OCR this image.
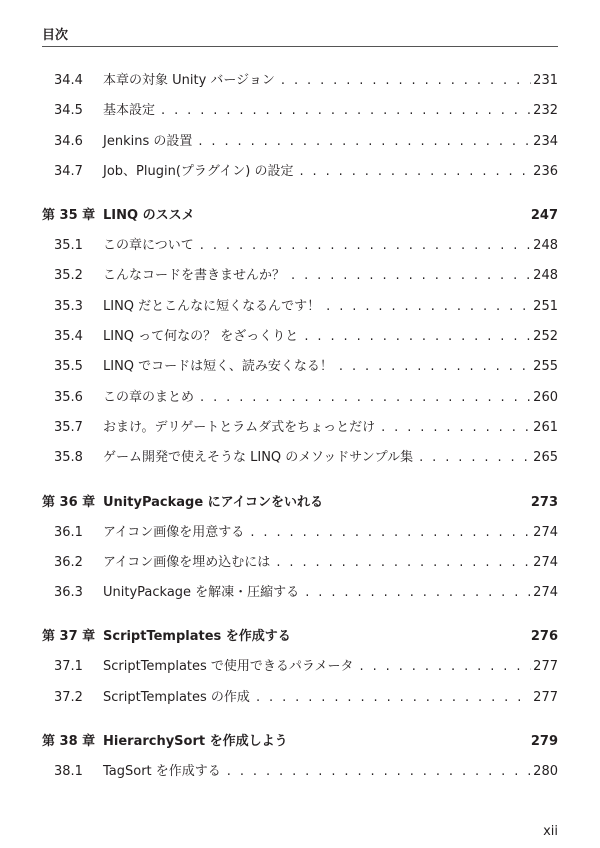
目次
34.4	本章の対象 Unity バージョン . . .	231
34.5	基本設定 . . .	232
34.6	Jenkins の設置 . . .	234
34.7	Job、Plugin(プラグイン) の設定 . . .	236
第 35 章 LINQ のススメ	247
35.1	この章について . . .	248
35.2	こんなコードを書きませんか？ . . .	248
35.3	LINQ だとこんなに短くなるんです！ . . .	251
35.4	LINQ って何なの？ をざっくりと . . .	252
35.5	LINQ でコードは短く、読み安くなる！ . . .	255
35.6	この章のまとめ . . .	260
35.7	おまけ。デリゲートとラムダ式をちょっとだけ . . .	261
35.8	ゲーム開発で使えそうな LINQ のメソッドサンプル集 . . .	265
第 36 章 UnityPackage にアイコンをいれる	273
36.1	アイコン画像を用意する . . .	274
36.2	アイコン画像を埋め込むには . . .	274
36.3	UnityPackage を解凍・圧縮する . . .	274
第 37 章 ScriptTemplates を作成する	276
37.1	ScriptTemplates で使用できるパラメータ . . .	277
37.2	ScriptTemplates の作成 . . .	277
第 38 章 HierarchySort を作成しよう	279
38.1	TagSort を作成する . . .	280
xii
